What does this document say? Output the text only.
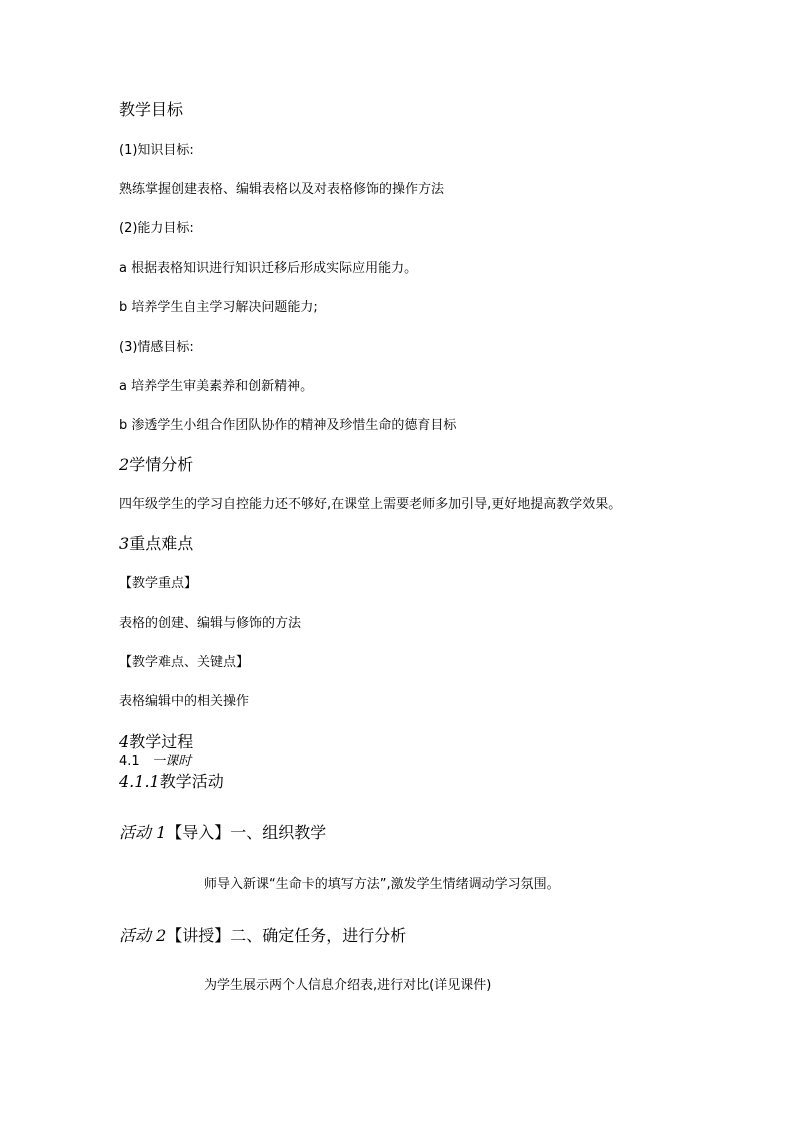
教学目标
(1)知识目标:
熟练掌握创建表格、编辑表格以及对表格修饰的操作方法
(2)能力目标:
a 根据表格知识进行知识迁移后形成实际应用能力。
b 培养学生自主学习解决问题能力;
(3)情感目标:
a 培养学生审美素养和创新精神。
b 渗透学生小组合作团队协作的精神及珍惜生命的德育目标
2学情分析
四年级学生的学习自控能力还不够好,在课堂上需要老师多加引导,更好地提高教学效果。
3重点难点
【教学重点】
表格的创建、编辑与修饰的方法
【教学难点、关键点】
表格编辑中的相关操作
4教学过程
4.1 一课时
4.1.1教学活动
活动 1【导入】一、组织教学
师导入新课“生命卡的填写方法”,激发学生情绪调动学习氛围。
活动 2【讲授】二、确定任务，进行分析
为学生展示两个人信息介绍表,进行对比(详见课件)
